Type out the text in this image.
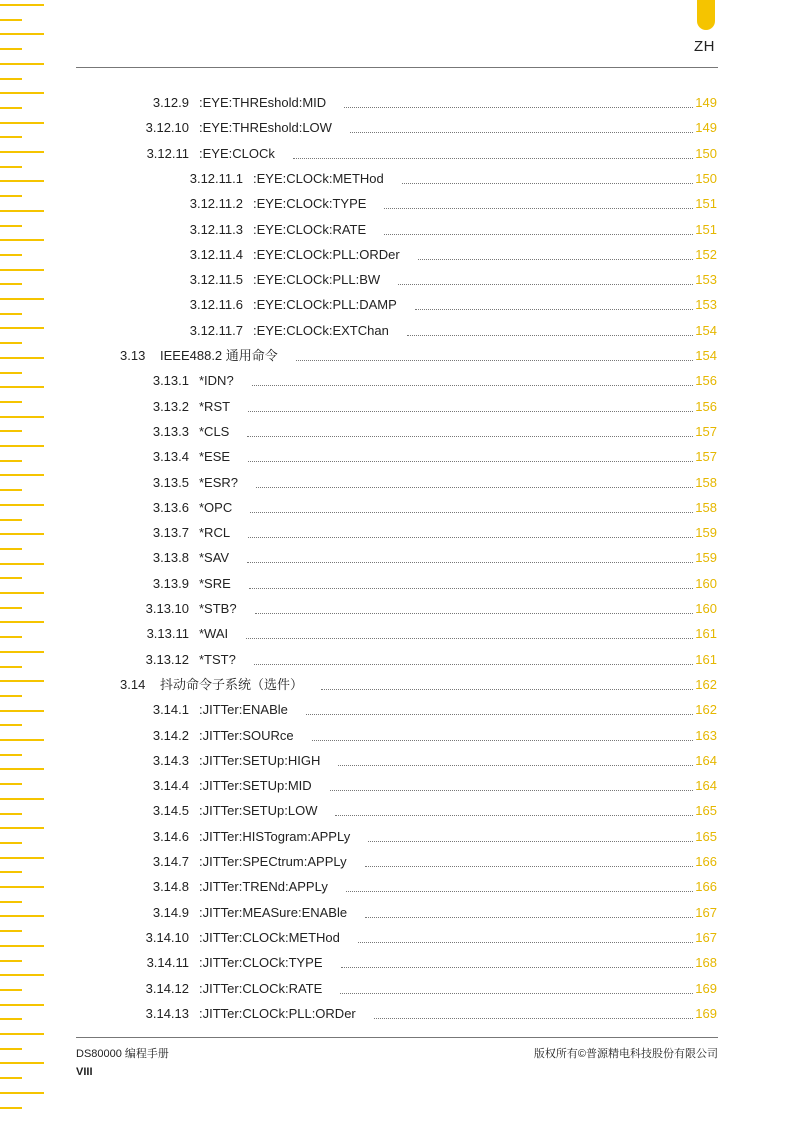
ZH
3.12.9 :EYE:THREshold:MID	149
3.12.10 :EYE:THREshold:LOW	149
3.12.11 :EYE:CLOCk	150
3.12.11.1 :EYE:CLOCk:METHod	150
3.12.11.2 :EYE:CLOCk:TYPE	151
3.12.11.3 :EYE:CLOCk:RATE	151
3.12.11.4 :EYE:CLOCk:PLL:ORDer	152
3.12.11.5 :EYE:CLOCk:PLL:BW	153
3.12.11.6 :EYE:CLOCk:PLL:DAMP	153
3.12.11.7 :EYE:CLOCk:EXTChan	154
3.13	IEEE488.2 通用命令	154
3.13.1 *IDN?	156
3.13.2 *RST	156
3.13.3 *CLS	157
3.13.4 *ESE	157
3.13.5 *ESR?	158
3.13.6 *OPC	158
3.13.7 *RCL	159
3.13.8 *SAV	159
3.13.9 *SRE	160
3.13.10 *STB?	160
3.13.11 *WAI	161
3.13.12 *TST?	161
3.14	抖动命令子系统（选件）	162
3.14.1 :JITTer:ENABle	162
3.14.2 :JITTer:SOURce	163
3.14.3 :JITTer:SETUp:HIGH	164
3.14.4 :JITTer:SETUp:MID	164
3.14.5 :JITTer:SETUp:LOW	165
3.14.6 :JITTer:HISTogram:APPLy	165
3.14.7 :JITTer:SPECtrum:APPLy	166
3.14.8 :JITTer:TRENd:APPLy	166
3.14.9 :JITTer:MEASure:ENABle	167
3.14.10 :JITTer:CLOCk:METHod	167
3.14.11 :JITTer:CLOCk:TYPE	168
3.14.12 :JITTer:CLOCk:RATE	169
3.14.13 :JITTer:CLOCk:PLL:ORDer	169
DS80000 编程手册	版权所有©普源精电科技股份有限公司
VIII
